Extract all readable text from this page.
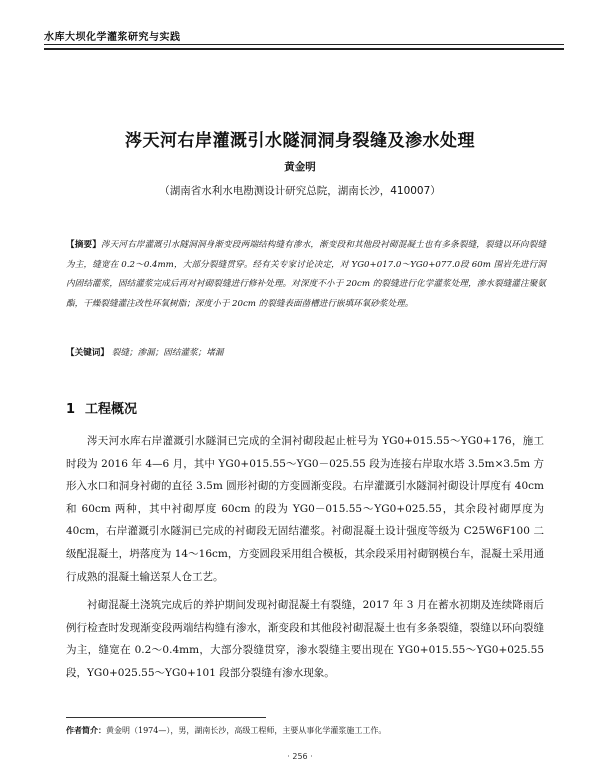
水库大坝化学灌浆研究与实践
涔天河右岸灌溉引水隧洞洞身裂缝及渗水处理
黄金明
（湖南省水利水电勘测设计研究总院，湖南长沙，410007）

【摘要】涔天河右岸灌溉引水隧洞洞身渐变段两端结构缝有渗水，渐变段和其他段衬砌混凝土也有多条裂缝，裂缝以环向裂缝为主，缝宽在 0.2～0.4mm，大部分裂缝贯穿。经有关专家讨论决定，对 YG0+017.0～YG0+077.0段 60m 围岩先进行洞内固结灌浆，固结灌浆完成后再对衬砌裂缝进行修补处理。对深度不小于 20cm 的裂缝进行化学灌浆处理，渗水裂缝灌注聚氨酯，干燥裂缝灌注改性环氧树脂；深度小于 20cm 的裂缝表面凿槽进行嵌填环氧砂浆处理。

【关键词】 裂缝；渗漏；固结灌浆；堵漏

1 工程概况

涔天河水库右岸灌溉引水隧洞已完成的全洞衬砌段起止桩号为 YG0+015.55～YG0+176，施工时段为 2016 年 4—6 月，其中 YG0+015.55～YG0－025.55 段为连接右岸取水塔 3.5m×3.5m 方形入水口和洞身衬砌的直径 3.5m 圆形衬砌的方变圆渐变段。右岸灌溉引水隧洞衬砌设计厚度有 40cm 和 60cm 两种，其中衬砌厚度 60cm 的段为 YG0－015.55～YG0+025.55，其余段衬砌厚度为 40cm，右岸灌溉引水隧洞已完成的衬砌段无固结灌浆。衬砌混凝土设计强度等级为 C25W6F100 二级配混凝土，坍落度为 14～16cm，方变圆段采用组合模板，其余段采用衬砌钢模台车，混凝土采用通行成熟的混凝土输送泵人仓工艺。

衬砌混凝土浇筑完成后的养护期间发现衬砌混凝土有裂缝，2017 年 3 月在蓄水初期及连续降雨后例行检查时发现渐变段两端结构缝有渗水，渐变段和其他段衬砌混凝土也有多条裂缝，裂缝以环向裂缝为主，缝宽在 0.2～0.4mm，大部分裂缝贯穿，渗水裂缝主要出现在 YG0+015.55～YG0+025.55 段，YG0+025.55～YG0+101 段部分裂缝有渗水现象。

作者简介：黄金明（1974—），男，湖南长沙，高级工程师，主要从事化学灌浆施工工作。

· 256 ·
